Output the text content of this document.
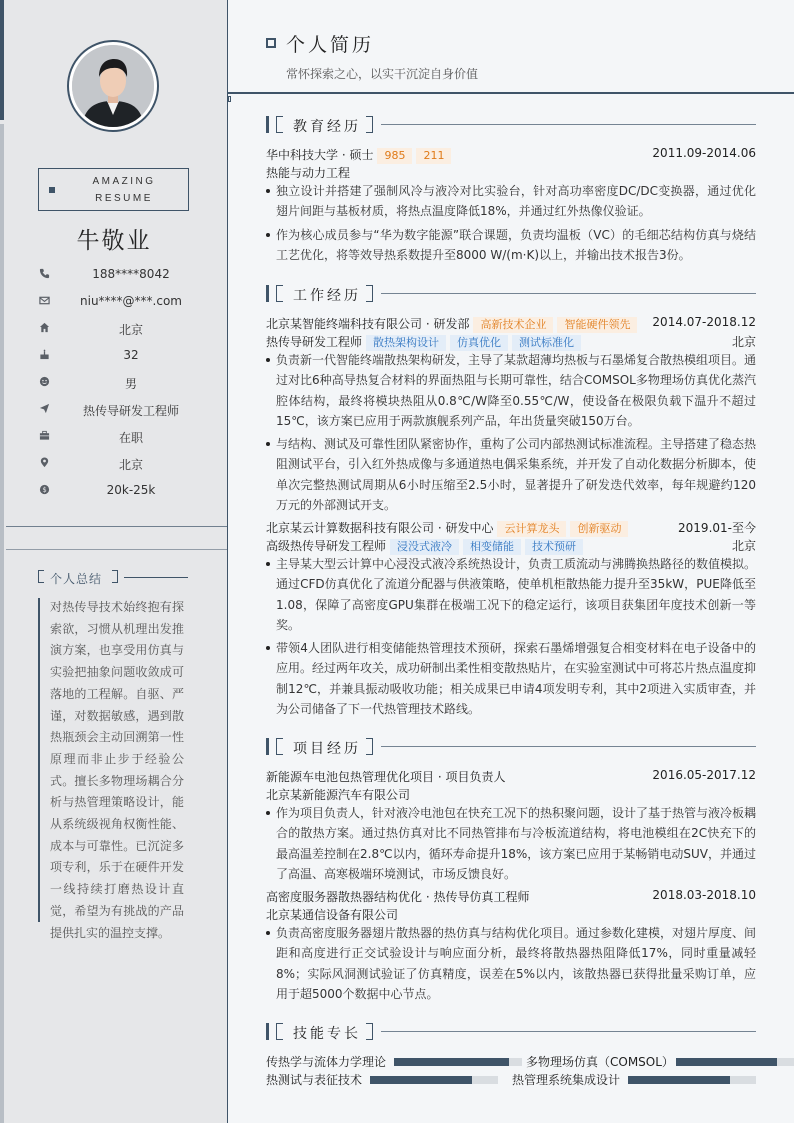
AMAZING
RESUME
牛敬业
188****8042
niu****@***.com
北京
32
男
热传导研发工程师
在职
北京
$	20k-25k
个人总结
对热传导技术始终抱有探索欲，习惯从机理出发推演方案，也享受用仿真与实验把抽象问题收敛成可落地的工程解。自驱、严谨，对数据敏感，遇到散热瓶颈会主动回溯第一性原理而非止步于经验公式。擅长多物理场耦合分析与热管理策略设计，能从系统级视角权衡性能、成本与可靠性。已沉淀多项专利，乐于在硬件开发一线持续打磨热设计直觉，希望为有挑战的产品提供扎实的温控支撑。
个人简历
常怀探索之心，以实干沉淀自身价值
教育经历
华中科技大学 · 硕士 985 211	2011.09-2014.06
热能与动力工程
独立设计并搭建了强制风冷与液冷对比实验台，针对高功率密度DC/DC变换器，通过优化翅片间距与基板材质，将热点温度降低18%，并通过红外热像仪验证。
作为核心成员参与“华为数字能源”联合课题，负责均温板（VC）的毛细芯结构仿真与烧结工艺优化，将等效导热系数提升至8000 W/(m·K)以上，并输出技术报告3份。
工作经历
北京某智能终端科技有限公司 · 研发部 高新技术企业 智能硬件领先	2014.07-2018.12
热传导研发工程师 散热架构设计 仿真优化 测试标准化	北京
负责新一代智能终端散热架构研发，主导了某款超薄均热板与石墨烯复合散热模组项目。通过对比6种高导热复合材料的界面热阻与长期可靠性，结合COMSOL多物理场仿真优化蒸汽腔体结构，最终将模块热阻从0.8℃/W降至0.55℃/W，使设备在极限负载下温升不超过15℃，该方案已应用于两款旗舰系列产品，年出货量突破150万台。
与结构、测试及可靠性团队紧密协作，重构了公司内部热测试标准流程。主导搭建了稳态热阻测试平台，引入红外热成像与多通道热电偶采集系统，并开发了自动化数据分析脚本，使单次完整热测试周期从6小时压缩至2.5小时，显著提升了研发迭代效率，每年规避约120万元的外部测试开支。
北京某云计算数据科技有限公司 · 研发中心 云计算龙头 创新驱动	2019.01-至今
高级热传导研发工程师 浸没式液冷 相变储能 技术预研	北京
主导某大型云计算中心浸没式液冷系统热设计，负责工质流动与沸腾换热路径的数值模拟。通过CFD仿真优化了流道分配器与供液策略，使单机柜散热能力提升至35kW，PUE降低至1.08，保障了高密度GPU集群在极端工况下的稳定运行，该项目获集团年度技术创新一等奖。
带领4人团队进行相变储能热管理技术预研，探索石墨烯增强复合相变材料在电子设备中的应用。经过两年攻关，成功研制出柔性相变散热贴片，在实验室测试中可将芯片热点温度抑制12℃，并兼具振动吸收功能；相关成果已申请4项发明专利，其中2项进入实质审查，并为公司储备了下一代热管理技术路线。
项目经历
新能源车电池包热管理优化项目 · 项目负责人	2016.05-2017.12
北京某新能源汽车有限公司
作为项目负责人，针对液冷电池包在快充工况下的热积聚问题，设计了基于热管与液冷板耦合的散热方案。通过热仿真对比不同热管排布与冷板流道结构，将电池模组在2C快充下的最高温差控制在2.8℃以内，循环寿命提升18%，该方案已应用于某畅销电动SUV，并通过了高温、高寒极端环境测试，市场反馈良好。
高密度服务器散热器结构优化 · 热传导仿真工程师	2018.03-2018.10
北京某通信设备有限公司
负责高密度服务器翅片散热器的热仿真与结构优化项目。通过参数化建模，对翅片厚度、间距和高度进行正交试验设计与响应面分析，最终将散热器热阻降低17%，同时重量减轻8%；实际风洞测试验证了仿真精度，误差在5%以内，该散热器已获得批量采购订单，应用于超5000个数据中心节点。
技能专长
传热学与流体力学理论	多物理场仿真（COMSOL）
热测试与表征技术	热管理系统集成设计
